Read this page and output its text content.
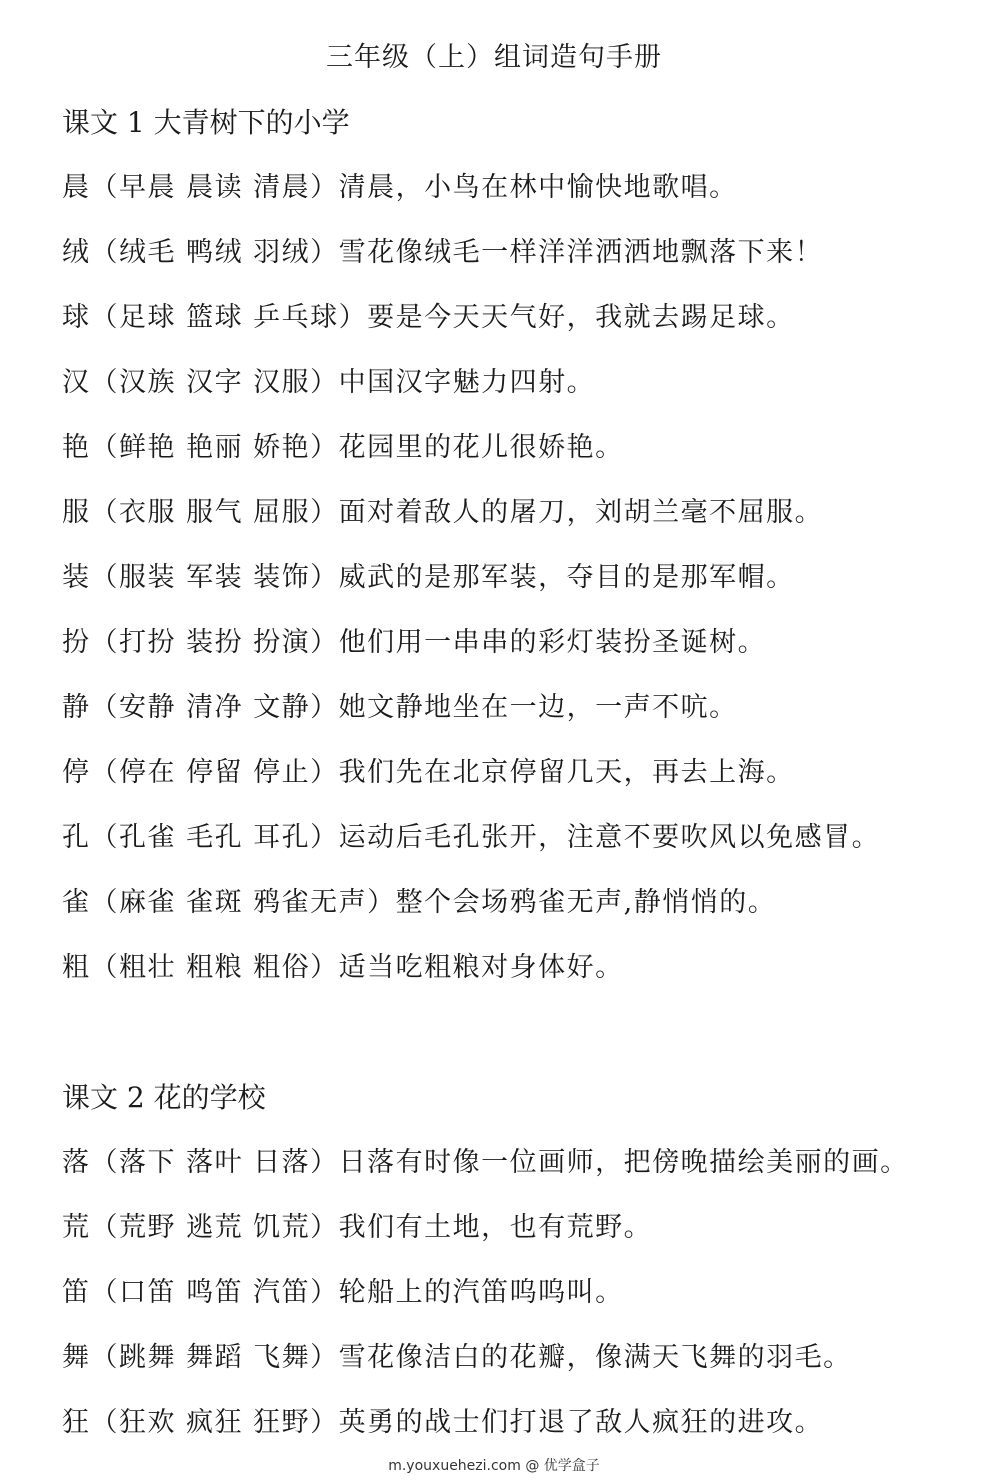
三年级（上）组词造句手册
课文 1 大青树下的小学
晨（早晨 晨读 清晨）清晨，小鸟在林中愉快地歌唱。
绒（绒毛 鸭绒 羽绒）雪花像绒毛一样洋洋洒洒地飘落下来！
球（足球 篮球 乒乓球）要是今天天气好，我就去踢足球。
汉（汉族 汉字 汉服）中国汉字魅力四射。
艳（鲜艳 艳丽 娇艳）花园里的花儿很娇艳。
服（衣服 服气 屈服）面对着敌人的屠刀，刘胡兰毫不屈服。
装（服装 军装 装饰）威武的是那军装，夺目的是那军帽。
扮（打扮 装扮 扮演）他们用一串串的彩灯装扮圣诞树。
静（安静 清净 文静）她文静地坐在一边，一声不吭。
停（停在 停留 停止）我们先在北京停留几天，再去上海。
孔（孔雀 毛孔 耳孔）运动后毛孔张开，注意不要吹风以免感冒。
雀（麻雀 雀斑 鸦雀无声）整个会场鸦雀无声,静悄悄的。
粗（粗壮 粗粮 粗俗）适当吃粗粮对身体好。
课文 2 花的学校
落（落下 落叶 日落）日落有时像一位画师，把傍晚描绘美丽的画。
荒（荒野 逃荒 饥荒）我们有土地，也有荒野。
笛（口笛 鸣笛 汽笛）轮船上的汽笛呜呜叫。
舞（跳舞 舞蹈 飞舞）雪花像洁白的花瓣，像满天飞舞的羽毛。
狂（狂欢 疯狂 狂野）英勇的战士们打退了敌人疯狂的进攻。
m.youxuehezi.com @ 优学盒子
